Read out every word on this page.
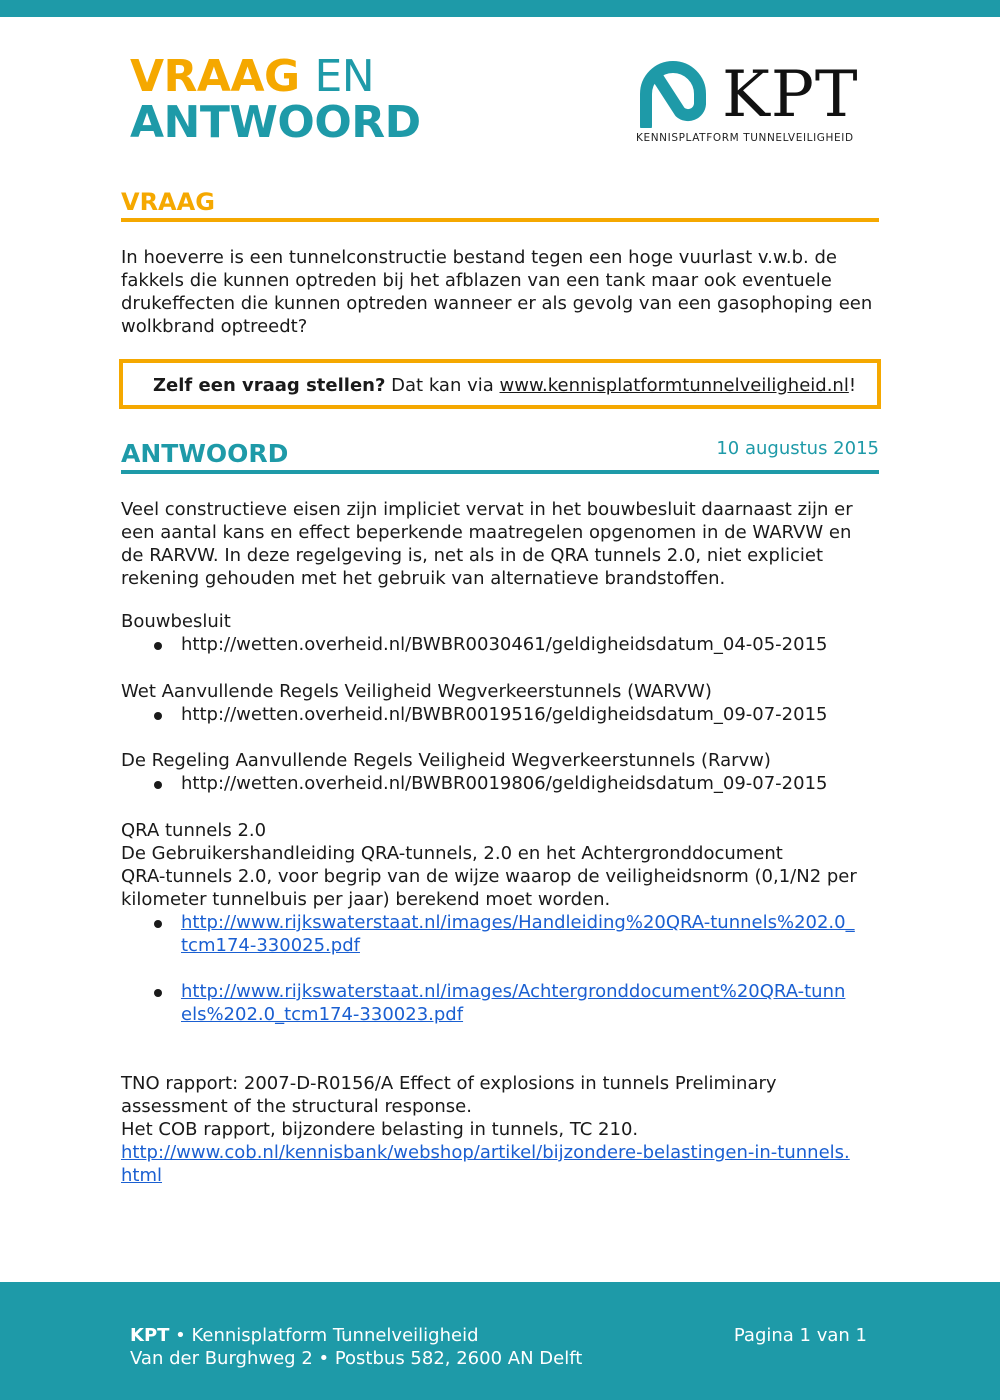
VRAAG EN
ANTWOORD	KPT
KENNISPLATFORM TUNNELVEILIGHEID
VRAAG
In hoeverre is een tunnelconstructie bestand tegen een hoge vuurlast v.w.b. de
fakkels die kunnen optreden bij het afblazen van een tank maar ook eventuele
drukeffecten die kunnen optreden wanneer er als gevolg van een gasophoping een
wolkbrand optreedt?
Zelf een vraag stellen? Dat kan via www.kennisplatformtunnelveiligheid.nl!
ANTWOORD	10 augustus 2015
Veel constructieve eisen zijn impliciet vervat in het bouwbesluit daarnaast zijn er
een aantal kans en effect beperkende maatregelen opgenomen in de WARVW en
de RARVW. In deze regelgeving is, net als in de QRA tunnels 2.0, niet expliciet
rekening gehouden met het gebruik van alternatieve brandstoffen.
Bouwbesluit
http://wetten.overheid.nl/BWBR0030461/geldigheidsdatum_04-05-2015
Wet Aanvullende Regels Veiligheid Wegverkeerstunnels (WARVW)
http://wetten.overheid.nl/BWBR0019516/geldigheidsdatum_09-07-2015
De Regeling Aanvullende Regels Veiligheid Wegverkeerstunnels (Rarvw)
http://wetten.overheid.nl/BWBR0019806/geldigheidsdatum_09-07-2015
QRA tunnels 2.0
De Gebruikershandleiding QRA-tunnels, 2.0 en het Achtergronddocument
QRA-tunnels 2.0, voor begrip van de wijze waarop de veiligheidsnorm (0,1/N2 per
kilometer tunnelbuis per jaar) berekend moet worden.
http://www.rijkswaterstaat.nl/images/Handleiding%20QRA-tunnels%202.0_
tcm174-330025.pdf
http://www.rijkswaterstaat.nl/images/Achtergronddocument%20QRA-tunn
els%202.0_tcm174-330023.pdf
TNO rapport: 2007-D-R0156/A Effect of explosions in tunnels Preliminary
assessment of the structural response.
Het COB rapport, bijzondere belasting in tunnels, TC 210.
http://www.cob.nl/kennisbank/webshop/artikel/bijzondere-belastingen-in-tunnels.
html
KPT • Kennisplatform Tunnelveiligheid
Van der Burghweg 2 • Postbus 582, 2600 AN Delft
Pagina 1 van 1
